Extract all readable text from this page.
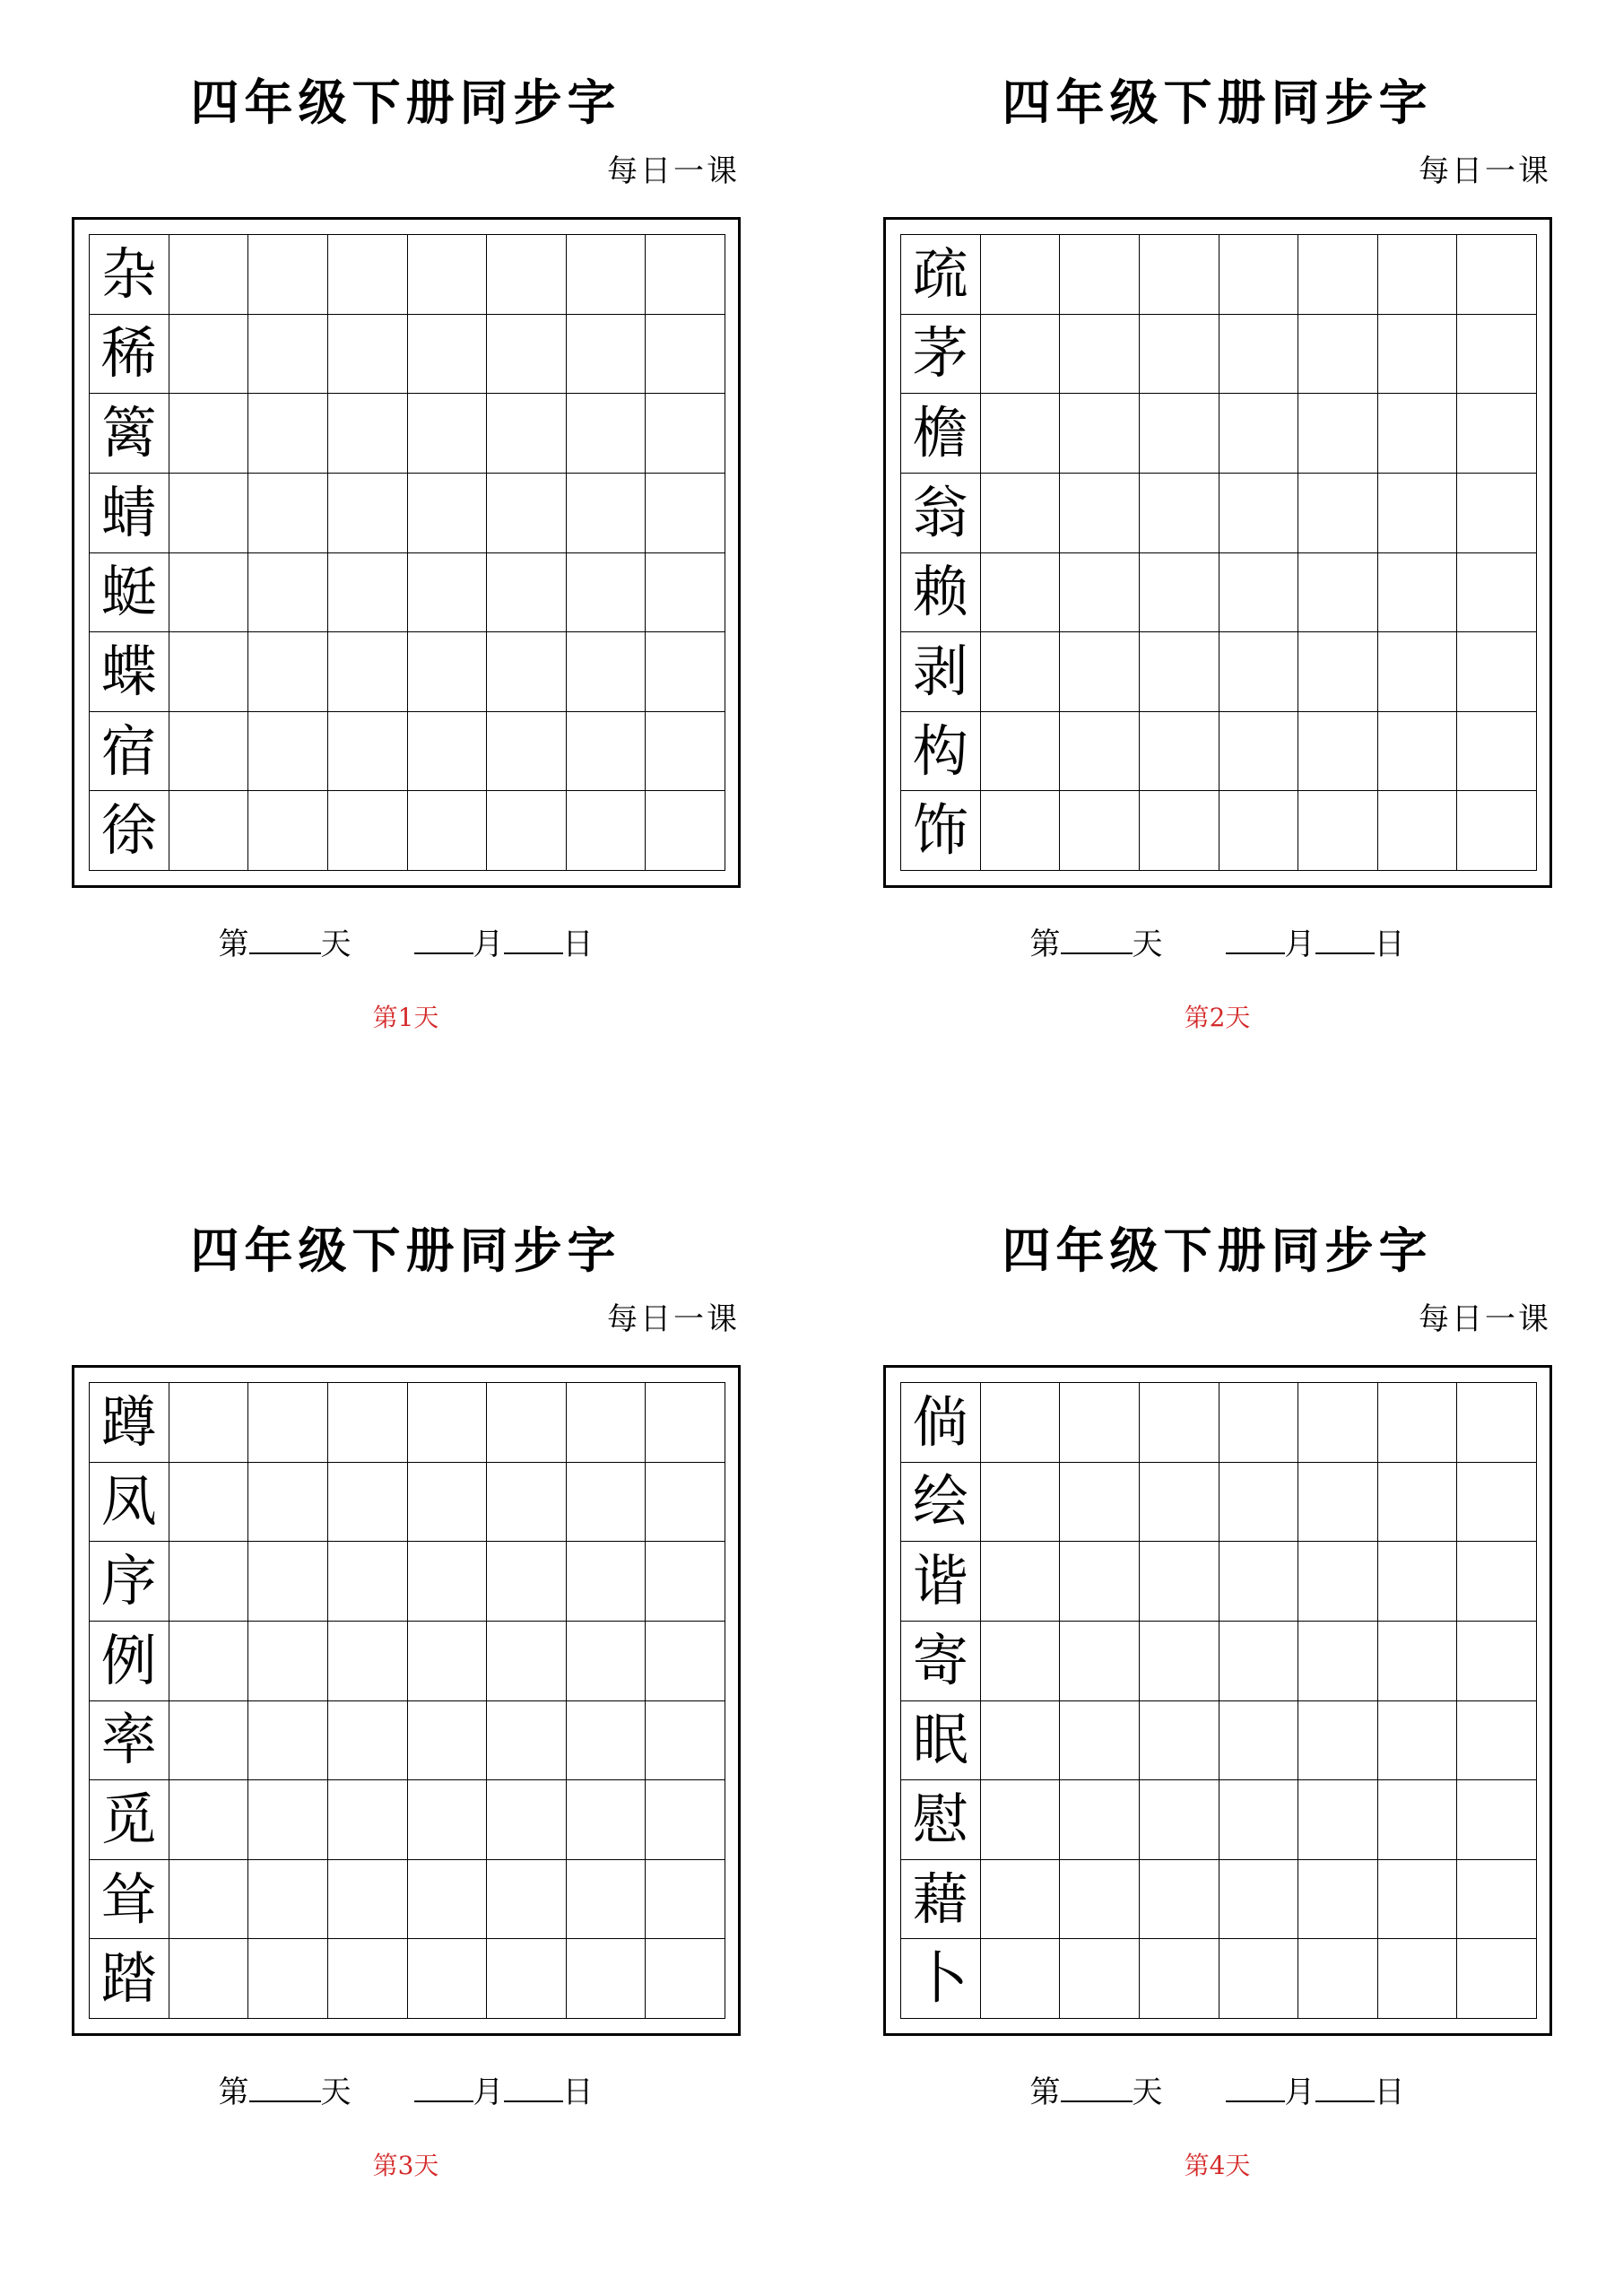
四年级下册同步字
每日一课
杂
稀
篱
蜻
蜓
蝶
宿
徐
第 天	月 日
第1天
四年级下册同步字
每日一课
疏
茅
檐
翁
赖
剥
构
饰
第 天	月 日
第2天
四年级下册同步字
每日一课
蹲
凤
序
例
率
觅
耸
踏
第 天	月 日
第3天
四年级下册同步字
每日一课
倘
绘
谐
寄
眠
慰
藉
卜
第 天	月 日
第4天
